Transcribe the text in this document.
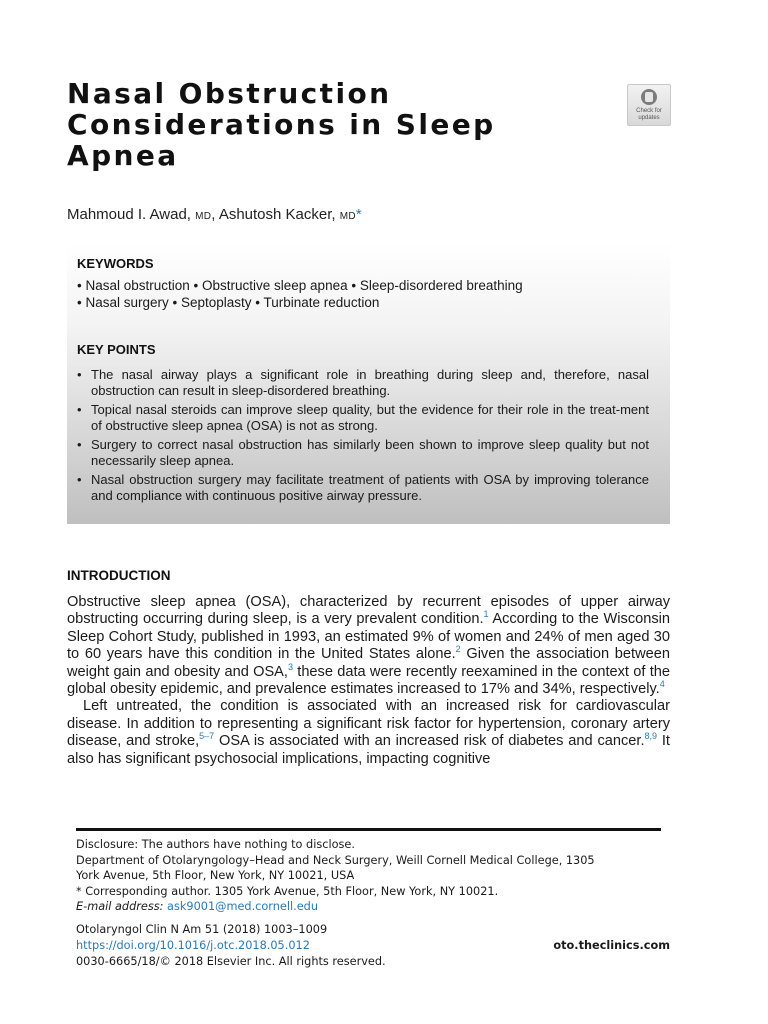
Nasal Obstruction
Considerations in Sleep
Apnea
Check for
updates
Mahmoud I. Awad, MD, Ashutosh Kacker, MD*
KEYWORDS
• Nasal obstruction • Obstructive sleep apnea • Sleep-disordered breathing
• Nasal surgery • Septoplasty • Turbinate reduction
KEY POINTS
• The nasal airway plays a significant role in breathing during sleep and, therefore, nasal obstruction can result in sleep-disordered breathing.
• Topical nasal steroids can improve sleep quality, but the evidence for their role in the treat-ment of obstructive sleep apnea (OSA) is not as strong.
• Surgery to correct nasal obstruction has similarly been shown to improve sleep quality but not necessarily sleep apnea.
• Nasal obstruction surgery may facilitate treatment of patients with OSA by improving tolerance and compliance with continuous positive airway pressure.
INTRODUCTION

Obstructive sleep apnea (OSA), characterized by recurrent episodes of upper airway obstructing occurring during sleep, is a very prevalent condition.$^1$ According to the Wisconsin Sleep Cohort Study, published in 1993, an estimated 9% of women and 24% of men aged 30 to 60 years have this condition in the United States alone.$^2$ Given the association between weight gain and obesity and OSA,$^3$ these data were recently reexamined in the context of the global obesity epidemic, and prevalence estimates increased to 17% and 34%, respectively.$^4$

Left untreated, the condition is associated with an increased risk for cardiovascular disease. In addition to representing a significant risk factor for hypertension, coronary artery disease, and stroke,$^{5-7}$ OSA is associated with an increased risk of diabetes and cancer.$^{8,9}$ It also has significant psychosocial implications, impacting cognitive

Disclosure: The authors have nothing to disclose.
Department of Otolaryngology–Head and Neck Surgery, Weill Cornell Medical College, 1305
York Avenue, 5th Floor, New York, NY 10021, USA
* Corresponding author. 1305 York Avenue, 5th Floor, New York, NY 10021.
E-mail address: ask9001@med.cornell.edu
Otolaryngol Clin N Am 51 (2018) 1003–1009
https://doi.org/10.1016/j.otc.2018.05.012
0030-6665/18/© 2018 Elsevier Inc. All rights reserved.
oto.theclinics.com
